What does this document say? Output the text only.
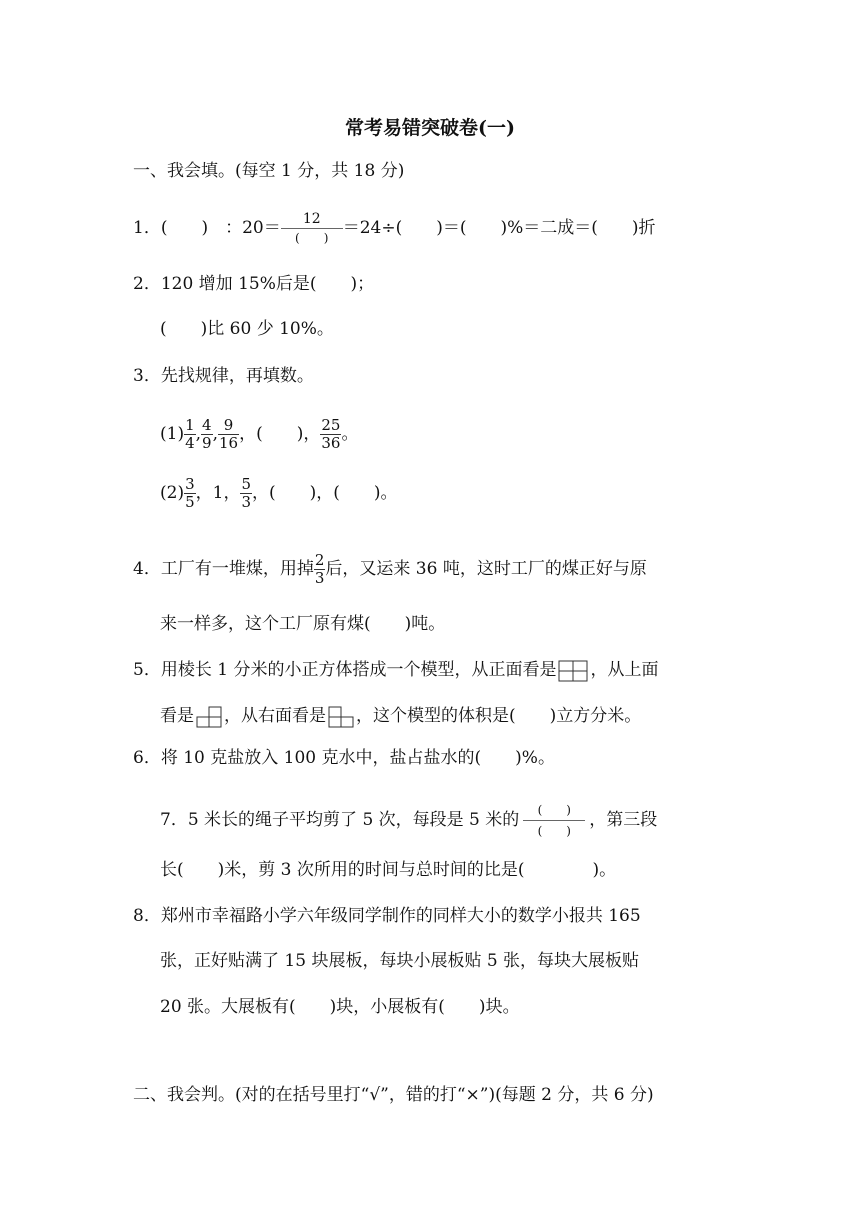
常考易错突破卷(一)
一、我会填。(每空 1 分，共 18 分)
1．(　　)　：$20= \frac{12}{( )} =24\div$(　　)＝(　　)%＝二成＝(　　)折
2．120 增加 15%后是(　　)；
(　　)比 60 少 10%。
3．先找规律，再填数。
$(1) \frac{1}{4}$ , $\frac{4}{9}$ , $\frac{9}{16}$ ，(　　)， $\frac{25}{36}$ 。
$(2) \frac{3}{5}$ ，1， $\frac{5}{3}$ ，(　　)，(　　)。
4．工厂有一堆煤，用掉 $\frac{2}{3}$ 后，又运来 36 吨，这时工厂的煤正好与原
来一样多，这个工厂原有煤(　　)吨。
5．用棱长 1 分米的小正方体搭成一个模型，从正面看是 ，从上面
看是 ，从右面看是 ，这个模型的体积是(　　)立方分米。
6．将 10 克盐放入 100 克水中，盐占盐水的(　　)%。
7．5 米长的绳子平均剪了 5 次，每段是 5 米的 $\frac{( )}{( )}$ ，第三段
长(　　)米，剪 3 次所用的时间与总时间的比是(　　　　)。
8．郑州市幸福路小学六年级同学制作的同样大小的数学小报共 165
张，正好贴满了 15 块展板，每块小展板贴 5 张，每块大展板贴
20 张。大展板有(　　)块，小展板有(　　)块。
二、我会判。(对的在括号里打“√”，错的打“×”)(每题 2 分，共 6 分)
